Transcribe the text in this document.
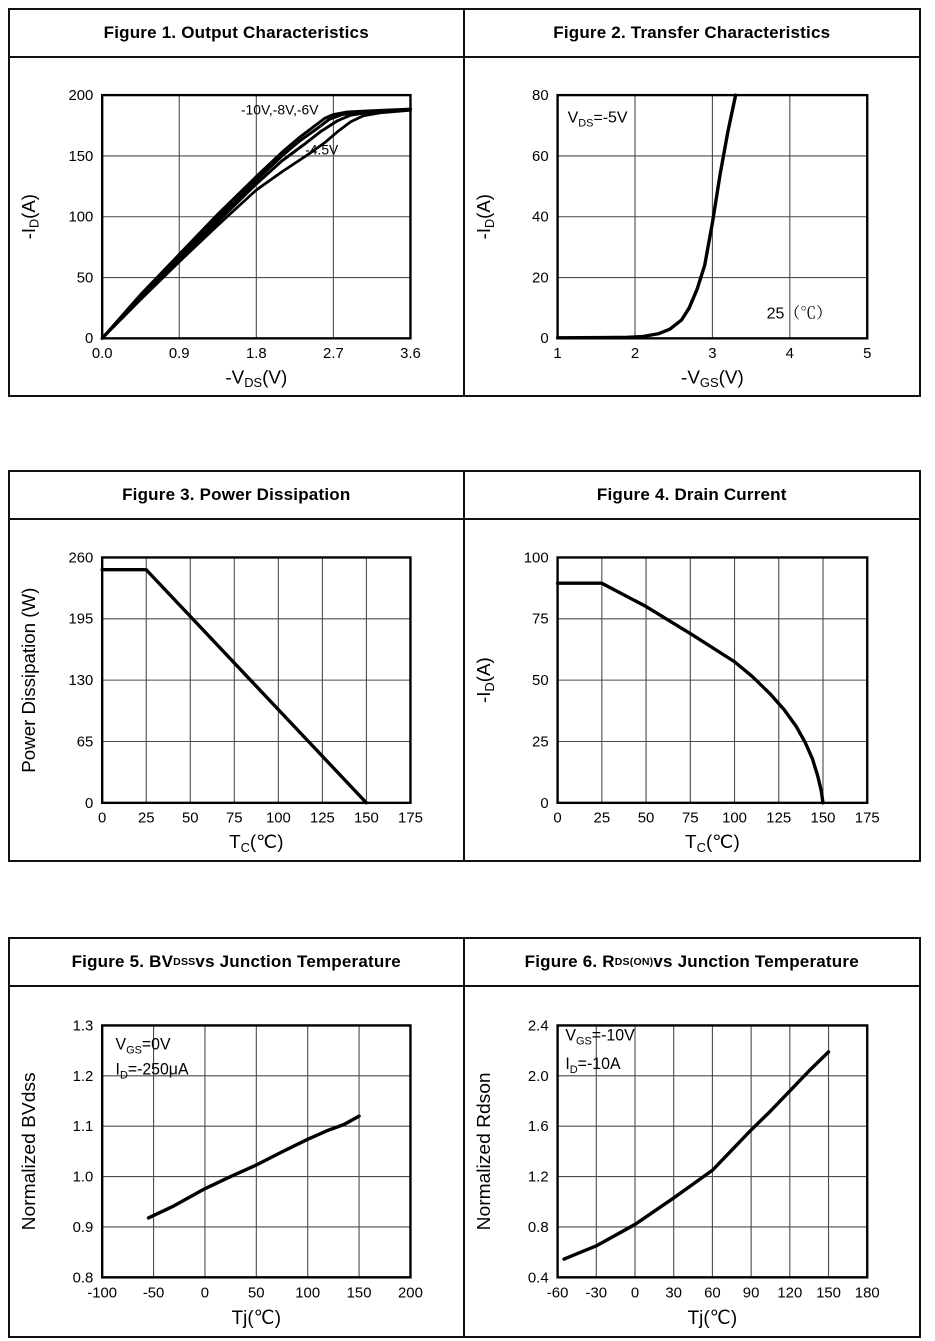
Figure 1. Output Characteristics
0.0	0.9	1.8	2.7	3.6
0
50
100
150
200
$-V_{DS}(V)$
$-I_D(A)$
-10V,-8V,-6V
-4.5V
Figure 2. Transfer Characteristics
1	2	3	4	5
0
20
40
60
80
$-V_{GS}(V)$
$-I_D(A)$
$V_{DS}=-5V$
25（℃）
Figure 3. Power Dissipation
0 25 50 75 100 125 150 175
0
65
130
195
260
$T_C(℃)$
Power Dissipation (W)
Figure 4. Drain Current
0 25 50 75 100 125 150 175
0
25
50
75
100
$T_C(℃)$
$-I_D(A)$
Figure 5. BV DSS vs Junction Temperature
-100 -50 0	50 100 150 200
0.8
0.9
1.0
1.1
1.2
1.3
Tj(℃)
Normalized BVdss
$V_{GS}=0V$
$I_D=-250\mu A$
Figure 6. R DS(ON) vs Junction Temperature
-60 -30 0 30 60 90 120 150 180
0.4
0.8
1.2
1.6
2.0
2.4
Tj(℃)
Normalized Rdson
$V_{GS}=-10V$
$I_D=-10A$
